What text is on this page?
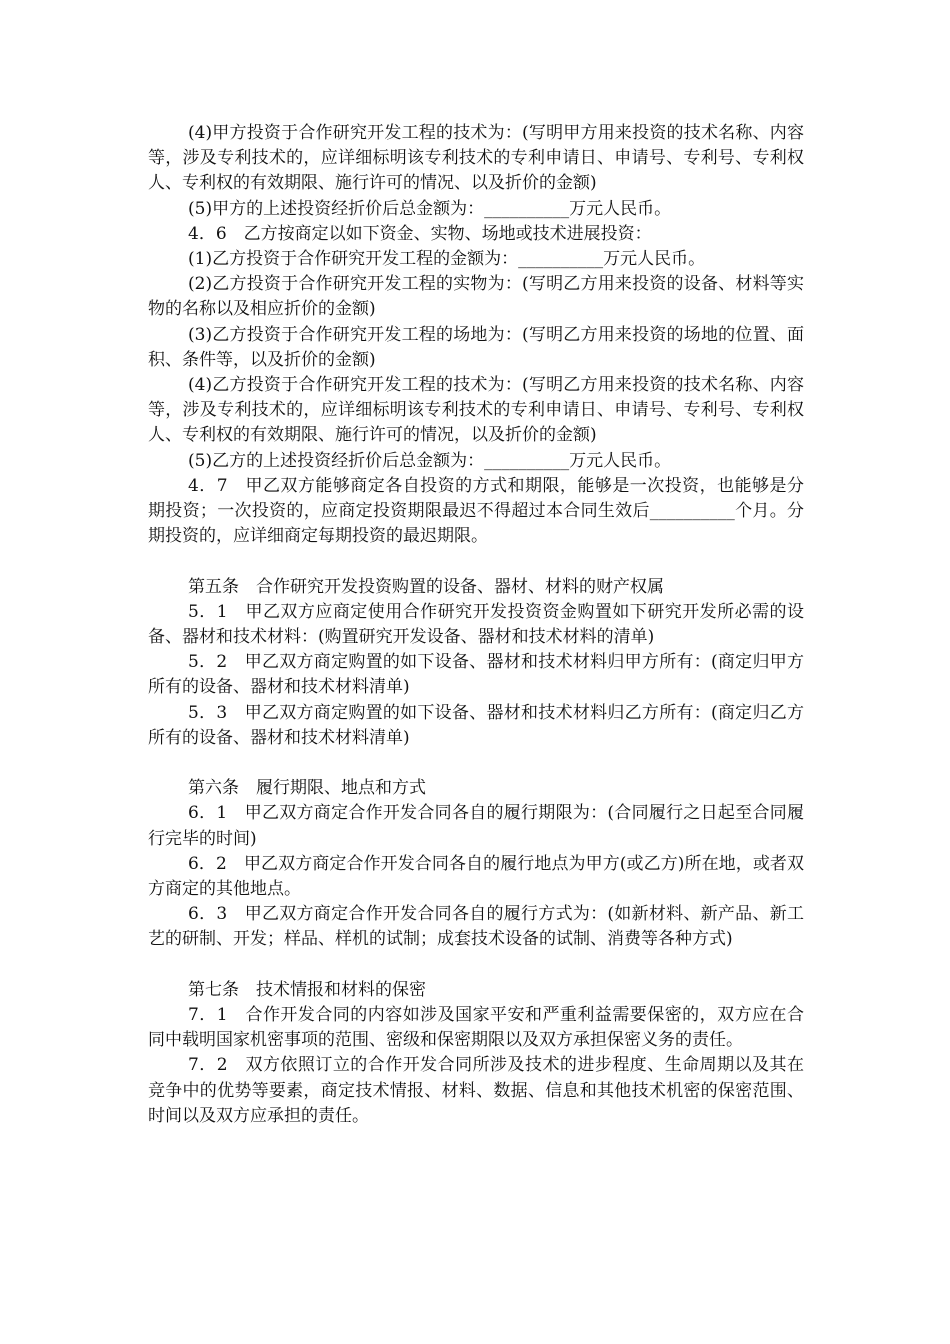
(4)甲方投资于合作研究开发工程的技术为：(写明甲方用来投资的技术名称、内容等，涉及专利技术的，应详细标明该专利技术的专利申请日、申请号、专利号、专利权人、专利权的有效期限、施行许可的情况、以及折价的金额)

(5)甲方的上述投资经折价后总金额为：__________万元人民币。

4．6　乙方按商定以如下资金、实物、场地或技术进展投资：

(1)乙方投资于合作研究开发工程的金额为：__________万元人民币。

(2)乙方投资于合作研究开发工程的实物为：(写明乙方用来投资的设备、材料等实物的名称以及相应折价的金额)

(3)乙方投资于合作研究开发工程的场地为：(写明乙方用来投资的场地的位置、面积、条件等，以及折价的金额)

(4)乙方投资于合作研究开发工程的技术为：(写明乙方用来投资的技术名称、内容等，涉及专利技术的，应详细标明该专利技术的专利申请日、申请号、专利号、专利权人、专利权的有效期限、施行许可的情况，以及折价的金额)

(5)乙方的上述投资经折价后总金额为：__________万元人民币。

4．7　甲乙双方能够商定各自投资的方式和期限，能够是一次投资，也能够是分期投资；一次投资的，应商定投资期限最迟不得超过本合同生效后__________个月。分期投资的，应详细商定每期投资的最迟期限。

第五条　合作研究开发投资购置的设备、器材、材料的财产权属

5．1　甲乙双方应商定使用合作研究开发投资资金购置如下研究开发所必需的设备、器材和技术材料：(购置研究开发设备、器材和技术材料的清单)

5．2　甲乙双方商定购置的如下设备、器材和技术材料归甲方所有：(商定归甲方所有的设备、器材和技术材料清单)

5．3　甲乙双方商定购置的如下设备、器材和技术材料归乙方所有：(商定归乙方所有的设备、器材和技术材料清单)

第六条　履行期限、地点和方式

6．1　甲乙双方商定合作开发合同各自的履行期限为：(合同履行之日起至合同履行完毕的时间)

6．2　甲乙双方商定合作开发合同各自的履行地点为甲方(或乙方)所在地，或者双方商定的其他地点。

6．3　甲乙双方商定合作开发合同各自的履行方式为：(如新材料、新产品、新工艺的研制、开发；样品、样机的试制；成套技术设备的试制、消费等各种方式)

第七条　技术情报和材料的保密

7．1　合作开发合同的内容如涉及国家平安和严重利益需要保密的，双方应在合同中载明国家机密事项的范围、密级和保密期限以及双方承担保密义务的责任。

7．2　双方依照订立的合作开发合同所涉及技术的进步程度、生命周期以及其在竞争中的优势等要素，商定技术情报、材料、数据、信息和其他技术机密的保密范围、时间以及双方应承担的责任。
